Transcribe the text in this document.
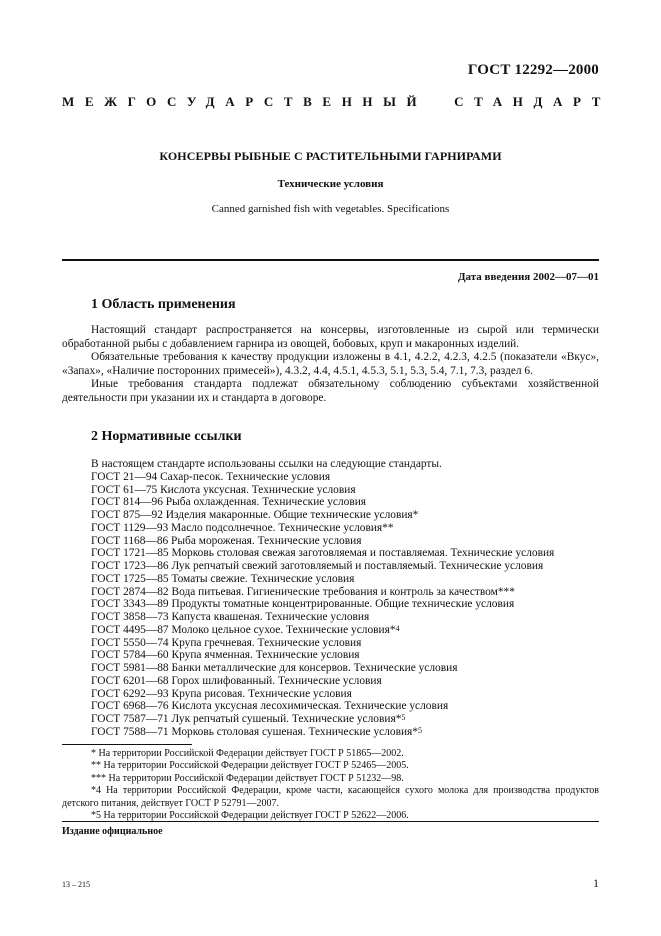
ГОСТ 12292—2000
МЕЖГОСУДАРСТВЕННЫЙ СТАНДАРТ
КОНСЕРВЫ РЫБНЫЕ С РАСТИТЕЛЬНЫМИ ГАРНИРАМИ
Технические условия
Canned garnished fish with vegetables. Specifications
Дата введения 2002—07—01
1 Область применения

Настоящий стандарт распространяется на консервы, изготовленные из сырой или термически обработанной рыбы с добавлением гарнира из овощей, бобовых, круп и макаронных изделий.

Обязательные требования к качеству продукции изложены в 4.1, 4.2.2, 4.2.3, 4.2.5 (показатели «Вкус», «Запах», «Наличие посторонних примесей»), 4.3.2, 4.4, 4.5.1, 4.5.3, 5.1, 5.3, 5.4, 7.1, 7.3, раздел 6.

Иные требования стандарта подлежат обязательному соблюдению субъектами хозяйственной деятельности при указании их и стандарта в договоре.

2 Нормативные ссылки
В настоящем стандарте использованы ссылки на следующие стандарты.
ГОСТ 21—94 Сахар-песок. Технические условия
ГОСТ 61—75 Кислота уксусная. Технические условия
ГОСТ 814—96 Рыба охлажденная. Технические условия
ГОСТ 875—92 Изделия макаронные. Общие технические условия*
ГОСТ 1129—93 Масло подсолнечное. Технические условия**
ГОСТ 1168—86 Рыба мороженая. Технические условия
ГОСТ 1721—85 Морковь столовая свежая заготовляемая и поставляемая. Технические условия
ГОСТ 1723—86 Лук репчатый свежий заготовляемый и поставляемый. Технические условия
ГОСТ 1725—85 Томаты свежие. Технические условия
ГОСТ 2874—82 Вода питьевая. Гигиенические требования и контроль за качеством***
ГОСТ 3343—89 Продукты томатные концентрированные. Общие технические условия
ГОСТ 3858—73 Капуста квашеная. Технические условия
ГОСТ 4495—87 Молоко цельное сухое. Технические условия*$^4$
ГОСТ 5550—74 Крупа гречневая. Технические условия
ГОСТ 5784—60 Крупа ячменная. Технические условия
ГОСТ 5981—88 Банки металлические для консервов. Технические условия
ГОСТ 6201—68 Горох шлифованный. Технические условия
ГОСТ 6292—93 Крупа рисовая. Технические условия
ГОСТ 6968—76 Кислота уксусная лесохимическая. Технические условия
ГОСТ 7587—71 Лук репчатый сушеный. Технические условия*$^5$
ГОСТ 7588—71 Морковь столовая сушеная. Технические условия*$^5$

* На территории Российской Федерации действует ГОСТ Р 51865—2002.

** На территории Российской Федерации действует ГОСТ Р 52465—2005.

*** На территории Российской Федерации действует ГОСТ Р 51232—98.

*4 На территории Российской Федерации, кроме части, касающейся сухого молока для производства продуктов детского питания, действует ГОСТ Р 52791—2007.

*5 На территории Российской Федерации действует ГОСТ Р 52622—2006.

Издание официальное
13 – 215	1
